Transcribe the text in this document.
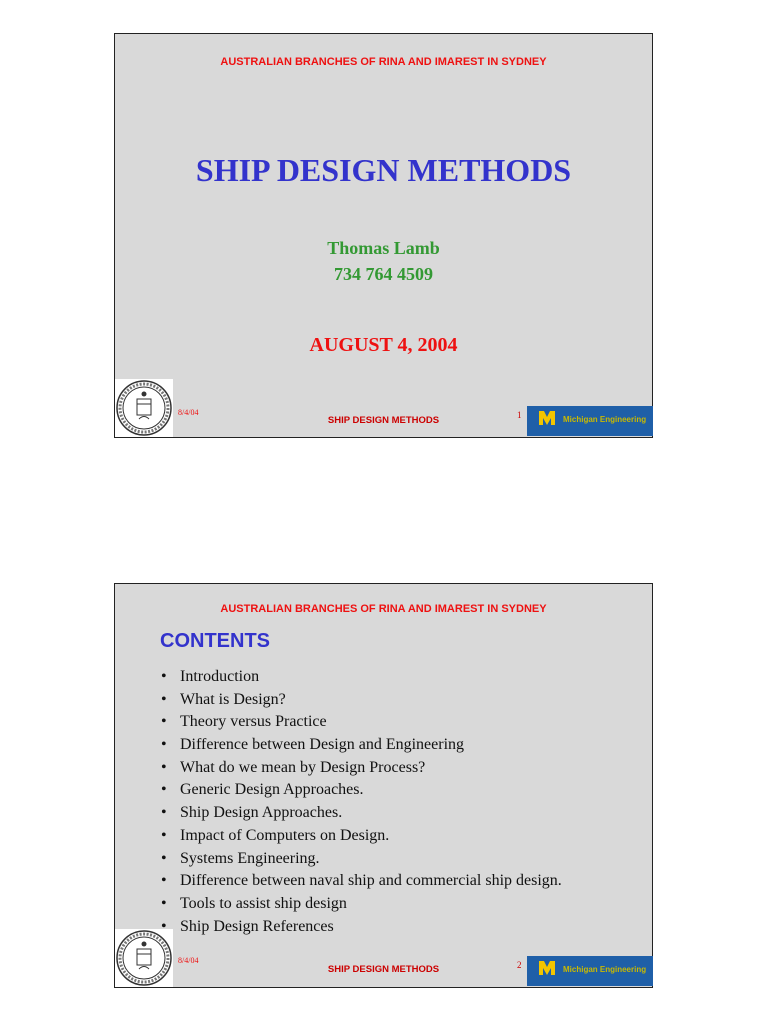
AUSTRALIAN BRANCHES OF RINA AND IMAREST IN SYDNEY
SHIP DESIGN METHODS
Thomas Lamb
734 764 4509
AUGUST 4, 2004
8/4/04
SHIP DESIGN METHODS	1	Michigan Engineering
AUSTRALIAN BRANCHES OF RINA AND IMAREST IN SYDNEY
CONTENTS
• Introduction
• What is Design?
• Theory versus Practice
• Difference between Design and Engineering
• What do we mean by Design Process?
• Generic Design Approaches.
• Ship Design Approaches.
• Impact of Computers on Design.
• Systems Engineering.
• Difference between naval ship and commercial ship design.
• Tools to assist ship design
• Ship Design References
8/4/04
SHIP DESIGN METHODS	2	Michigan Engineering
